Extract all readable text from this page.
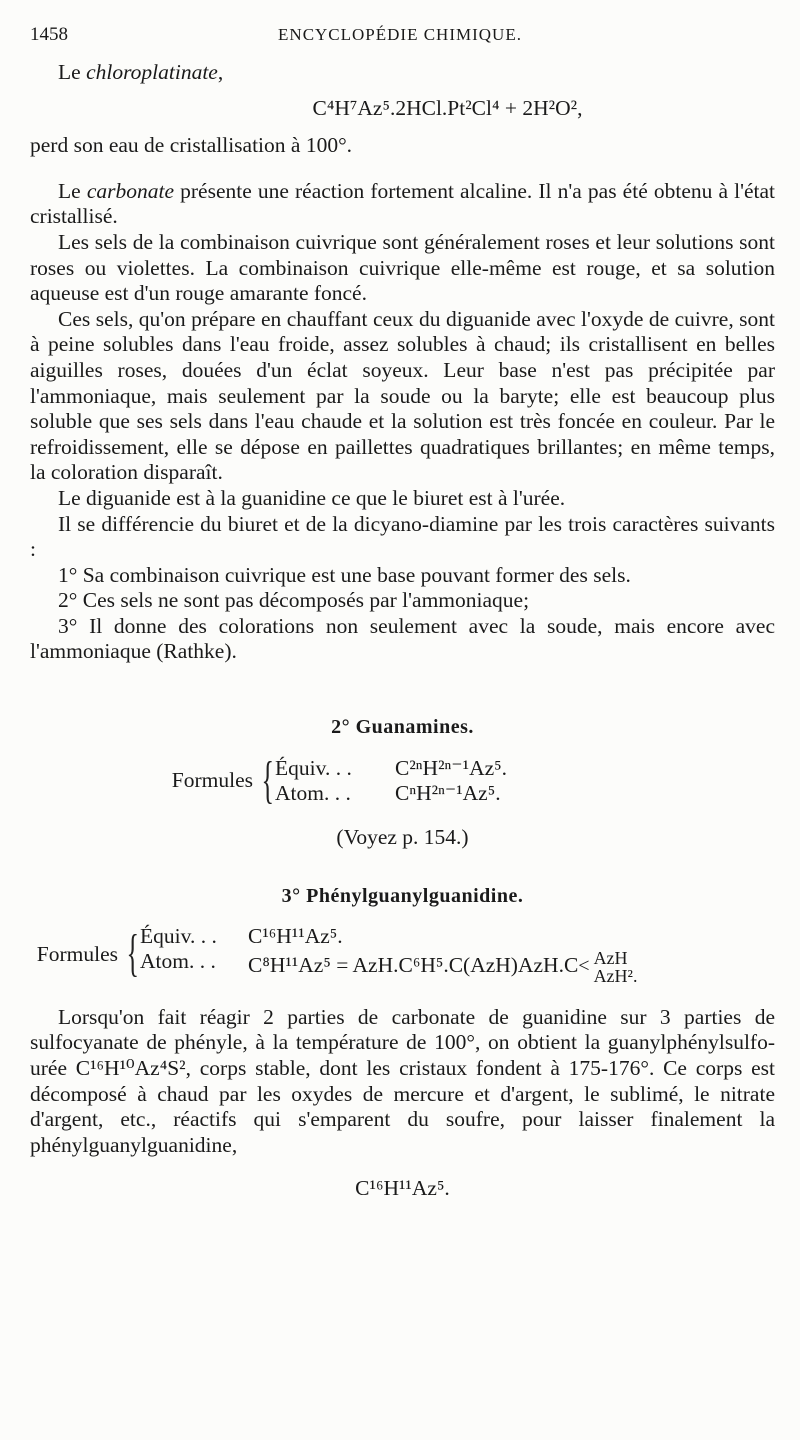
1458	ENCYCLOPÉDIE CHIMIQUE.

Le chloroplatinate,

C⁴H⁷Az⁵.2HCl.Pt²Cl⁴ + 2H²O²,

perd son eau de cristallisation à 100°.

Le carbonate présente une réaction fortement alcaline. Il n'a pas été obtenu à l'état cristallisé.

Les sels de la combinaison cuivrique sont généralement roses et leur solutions sont roses ou violettes. La combinaison cuivrique elle-même est rouge, et sa solution aqueuse est d'un rouge amarante foncé.

Ces sels, qu'on prépare en chauffant ceux du diguanide avec l'oxyde de cuivre, sont à peine solubles dans l'eau froide, assez solubles à chaud; ils cristallisent en belles aiguilles roses, douées d'un éclat soyeux. Leur base n'est pas précipitée par l'ammoniaque, mais seulement par la soude ou la baryte; elle est beaucoup plus soluble que ses sels dans l'eau chaude et la solution est très foncée en couleur. Par le refroidissement, elle se dépose en paillettes quadratiques brillantes; en même temps, la coloration disparaît.

Le diguanide est à la guanidine ce que le biuret est à l'urée.

Il se différencie du biuret et de la dicyano-diamine par les trois caractères suivants :

1° Sa combinaison cuivrique est une base pouvant former des sels.

2° Ces sels ne sont pas décomposés par l'ammoniaque;

3° Il donne des colorations non seulement avec la soude, mais encore avec l'ammoniaque (Rathke).

2° Guanamines.
Formules { Équiv. . .	C²ⁿH²ⁿ⁻¹Az⁵.
Atom. . .	CⁿH²ⁿ⁻¹Az⁵.
(Voyez p. 154.)
3° Phénylguanylguanidine.
Formules { Équiv. . .	C¹⁶H¹¹Az⁵.
Atom. . .	C⁸H¹¹Az⁵ = AzH.C⁶H⁵.C(AzH)AzH.C< AzH
AzH².

Lorsqu'on fait réagir 2 parties de carbonate de guanidine sur 3 parties de sulfocyanate de phényle, à la température de 100°, on obtient la guanylphénylsulfo-urée C¹⁶H¹⁰Az⁴S², corps stable, dont les cristaux fondent à 175-176°. Ce corps est décomposé à chaud par les oxydes de mercure et d'argent, le sublimé, le nitrate d'argent, etc., réactifs qui s'emparent du soufre, pour laisser finalement la phénylguanylguanidine,

C¹⁶H¹¹Az⁵.
